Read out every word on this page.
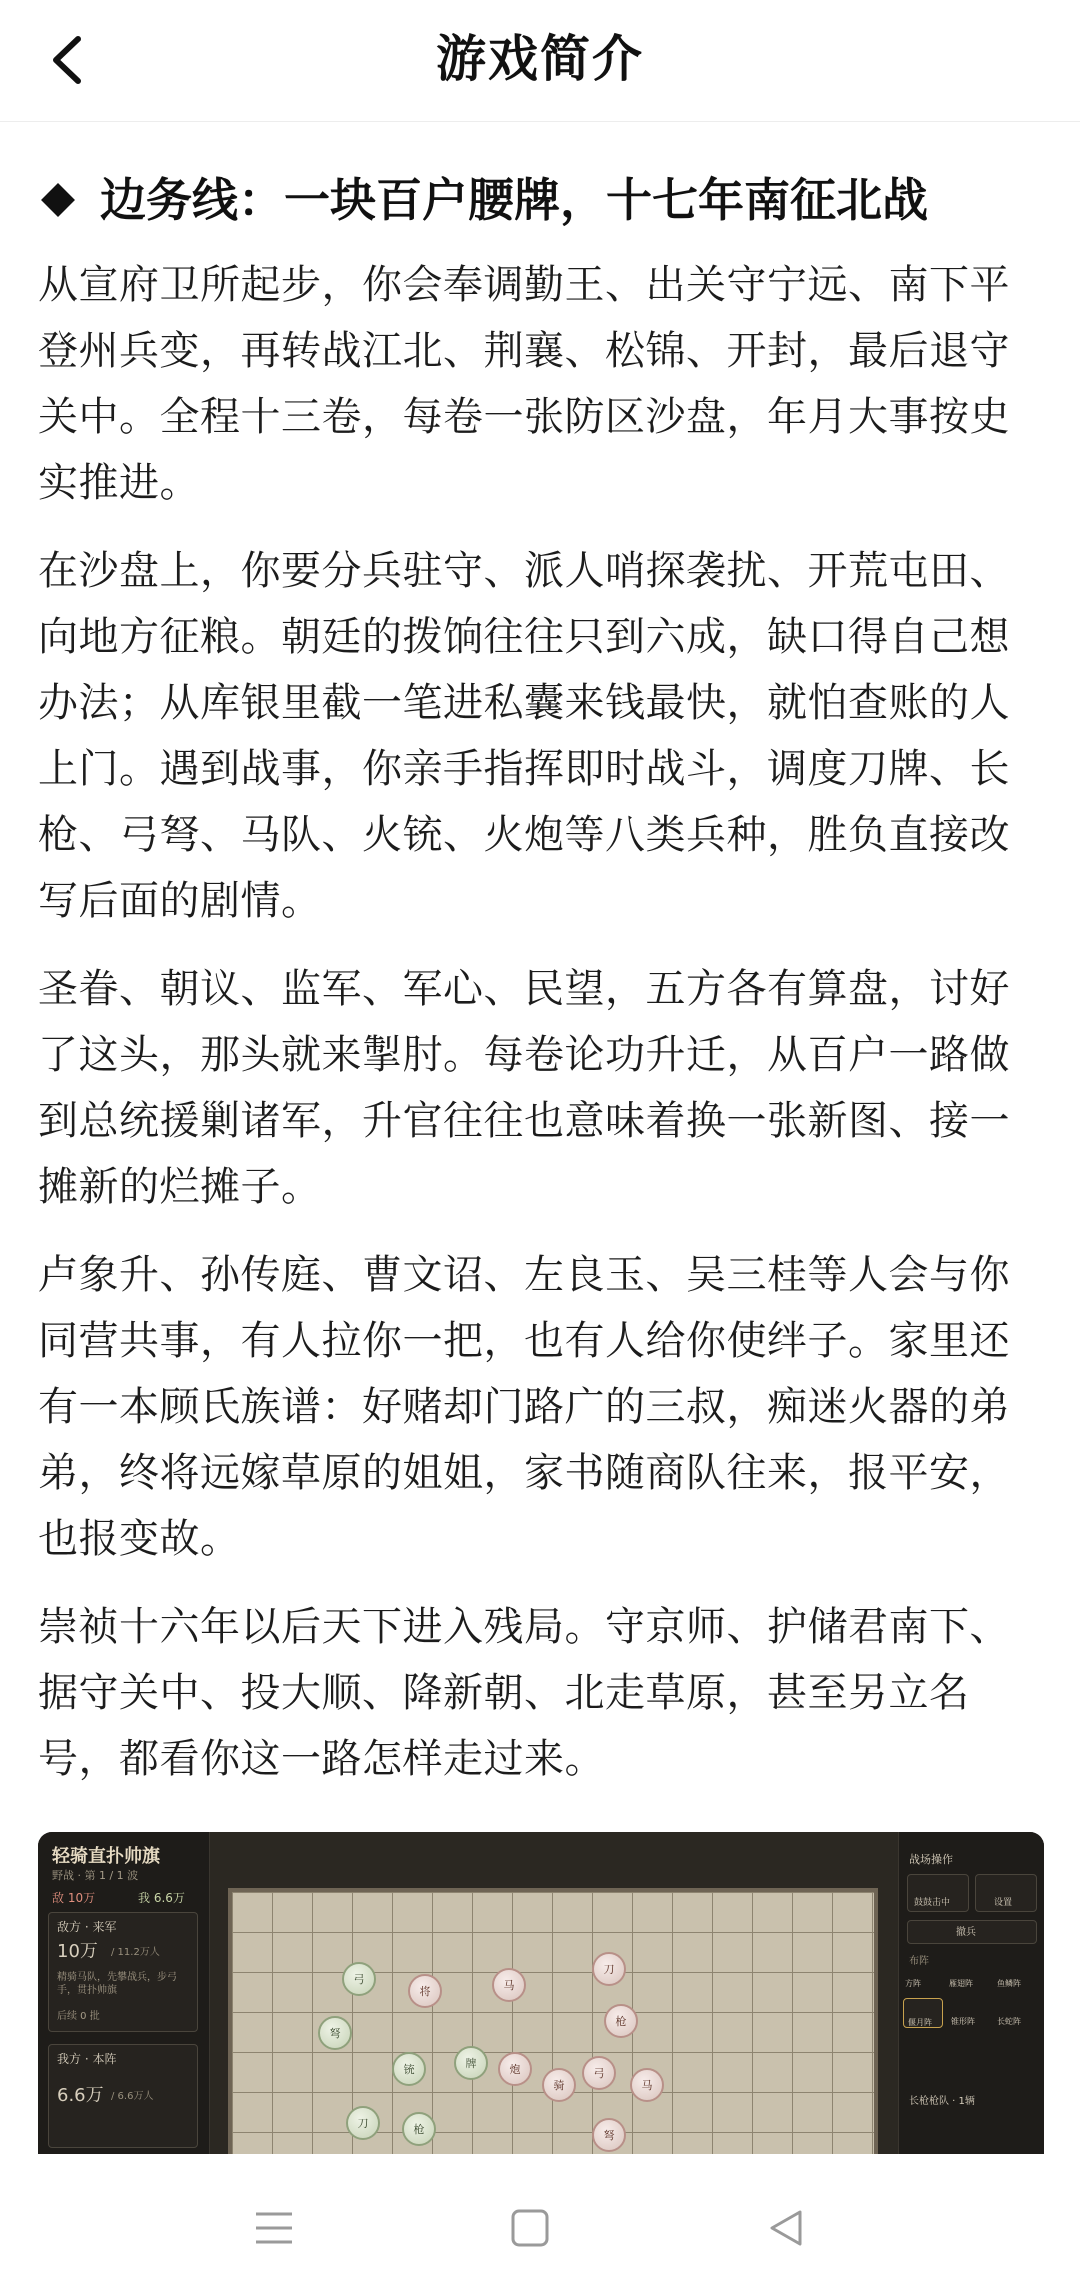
游戏简介
边务线：一块百户腰牌，十七年南征北战

从宣府卫所起步，你会奉调勤王、出关守宁远、南下平登州兵变，再转战江北、荆襄、松锦、开封，最后退守关中。全程十三卷，每卷一张防区沙盘，年月大事按史实推进。

在沙盘上，你要分兵驻守、派人哨探袭扰、开荒屯田、向地方征粮。朝廷的拨饷往往只到六成，缺口得自己想办法；从库银里截一笔进私囊来钱最快，就怕查账的人上门。遇到战事，你亲手指挥即时战斗，调度刀牌、长枪、弓弩、马队、火铳、火炮等八类兵种，胜负直接改写后面的剧情。

圣眷、朝议、监军、军心、民望，五方各有算盘，讨好了这头，那头就来掣肘。每卷论功升迁，从百户一路做到总统援剿诸军，升官往往也意味着换一张新图、接一摊新的烂摊子。

卢象升、孙传庭、曹文诏、左良玉、吴三桂等人会与你同营共事，有人拉你一把，也有人给你使绊子。家里还有一本顾氏族谱：好赌却门路广的三叔，痴迷火器的弟弟，终将远嫁草原的姐姐，家书随商队往来，报平安，也报变故。

崇祯十六年以后天下进入残局。守京师、护储君南下、据守关中、投大顺、降新朝、北走草原，甚至另立名号，都看你这一路怎样走过来。

弓
将	马
刀
枪
弩
铳	牌	炮
骑
弓
马
枪
刀
弩
轻骑直扑帅旗
野战 · 第 1 / 1 波
敌 10万	我 6.6万
敌方 · 来军
10万 / 11.2万人
精骑马队，先攀战兵，步弓手，贯扑帅旗
后续 0 批
我方 · 本阵
6.6万 / 6.6万人
战场操作
鼓鼓击中	设置
撤兵
布阵
方阵	雁翅阵	鱼鳞阵
偃月阵 锥形阵	长蛇阵
长枪枪队 · 1辆
